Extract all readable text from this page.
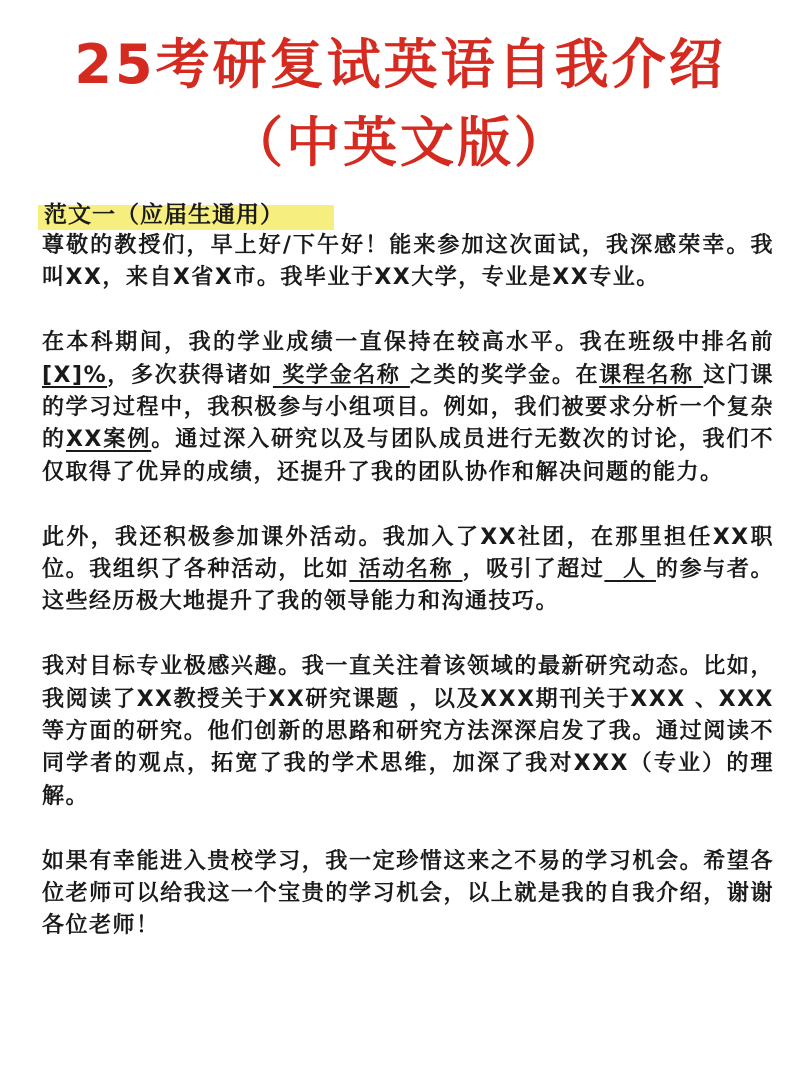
25考研复试英语自我介绍
（中英文版）
范文一（应届生通用）

尊敬的教授们，早上好/下午好！能来参加这次面试，我深感荣幸。我叫XX，来自X省X市。我毕业于XX大学，专业是XX专业。

在本科期间，我的学业成绩一直保持在较高水平。我在班级中排名前[X]%，多次获得诸如 奖学金名称 之类的奖学金。在课程名称 这门课的学习过程中，我积极参与小组项目。例如，我们被要求分析一个复杂的XX案例。通过深入研究以及与团队成员进行无数次的讨论，我们不仅取得了优异的成绩，还提升了我的团队协作和解决问题的能力。

此外，我还积极参加课外活动。我加入了XX社团，在那里担任XX职位。我组织了各种活动，比如 活动名称 ，吸引了超过  人 的参与者。这些经历极大地提升了我的领导能力和沟通技巧。

我对目标专业极感兴趣。我一直关注着该领域的最新研究动态。比如，我阅读了XX教授关于XX研究课题 ，以及XXX期刊关于XXX 、XXX等方面的研究。他们创新的思路和研究方法深深启发了我。通过阅读不同学者的观点，拓宽了我的学术思维，加深了我对XXX（专业）的理解。

如果有幸能进入贵校学习，我一定珍惜这来之不易的学习机会。希望各位老师可以给我这一个宝贵的学习机会，以上就是我的自我介绍，谢谢各位老师！
